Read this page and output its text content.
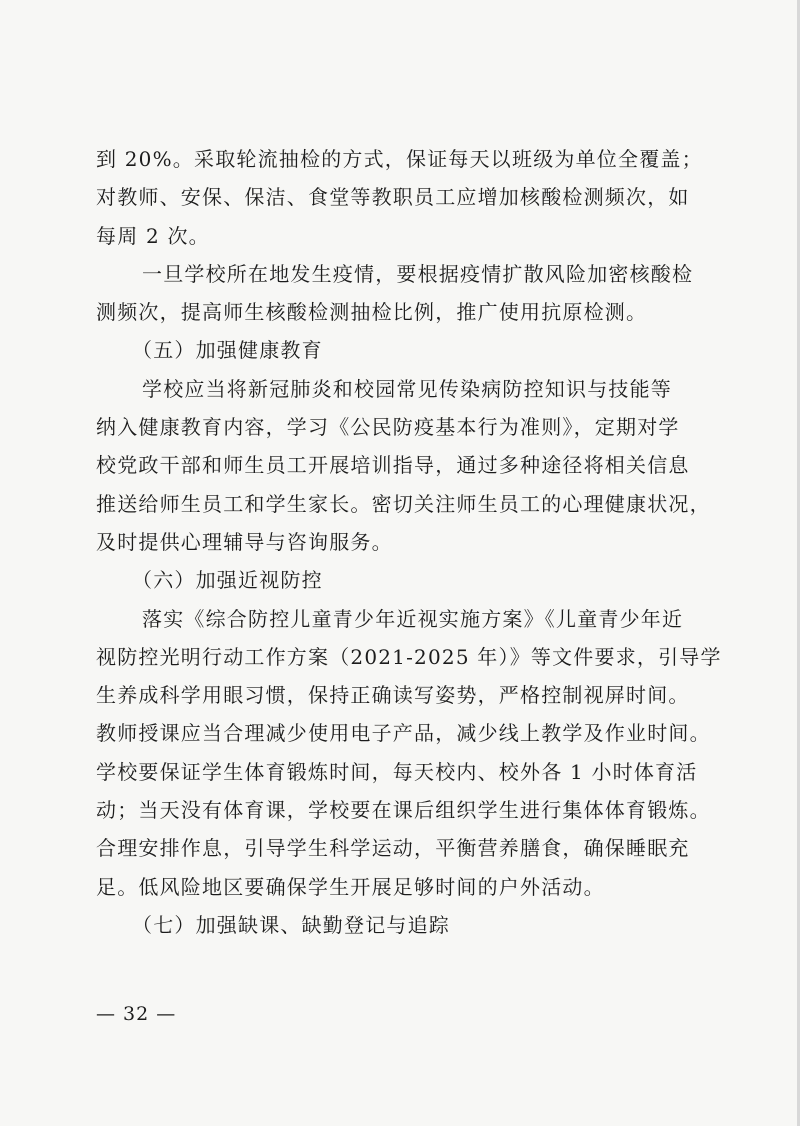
到 20%。采取轮流抽检的方式，保证每天以班级为单位全覆盖；
对教师、安保、保洁、食堂等教职员工应增加核酸检测频次，如
每周 2 次。
一旦学校所在地发生疫情，要根据疫情扩散风险加密核酸检
测频次，提高师生核酸检测抽检比例，推广使用抗原检测。
（五）加强健康教育
学校应当将新冠肺炎和校园常见传染病防控知识与技能等
纳入健康教育内容，学习《公民防疫基本行为准则》，定期对学
校党政干部和师生员工开展培训指导，通过多种途径将相关信息
推送给师生员工和学生家长。密切关注师生员工的心理健康状况，
及时提供心理辅导与咨询服务。
（六）加强近视防控
落实《综合防控儿童青少年近视实施方案》《儿童青少年近
视防控光明行动工作方案（2021-2025 年）》等文件要求，引导学
生养成科学用眼习惯，保持正确读写姿势，严格控制视屏时间。
教师授课应当合理减少使用电子产品，减少线上教学及作业时间。
学校要保证学生体育锻炼时间，每天校内、校外各 1 小时体育活
动；当天没有体育课，学校要在课后组织学生进行集体体育锻炼。
合理安排作息，引导学生科学运动，平衡营养膳食，确保睡眠充
足。低风险地区要确保学生开展足够时间的户外活动。
（七）加强缺课、缺勤登记与追踪
— 32 —
